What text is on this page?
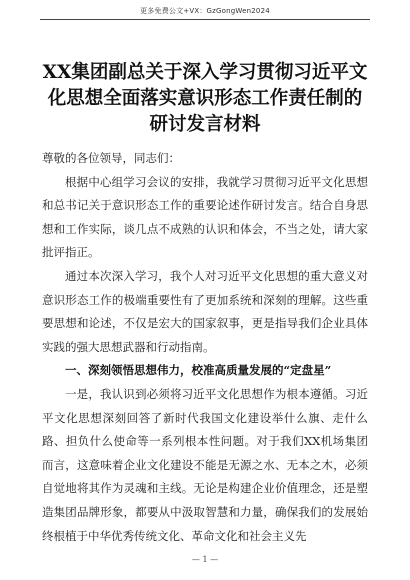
更多免费公文+VX：GzGongWen2024
XX集团副总关于深入学习贯彻习近平文化思想全面落实意识形态工作责任制的研讨发言材料

尊敬的各位领导，同志们：

根据中心组学习会议的安排，我就学习贯彻习近平文化思想和总书记关于意识形态工作的重要论述作研讨发言。结合自身思想和工作实际，谈几点不成熟的认识和体会，不当之处，请大家批评指正。

通过本次深入学习，我个人对习近平文化思想的重大意义对意识形态工作的极端重要性有了更加系统和深刻的理解。这些重要思想和论述，不仅是宏大的国家叙事，更是指导我们企业具体实践的强大思想武器和行动指南。

一、深刻领悟思想伟力，校准高质量发展的“定盘星”

一是，我认识到必须将习近平文化思想作为根本遵循。习近平文化思想深刻回答了新时代我国文化建设举什么旗、走什么路、担负什么使命等一系列根本性问题。对于我们XX机场集团而言，这意味着企业文化建设不能是无源之水、无本之木，必须自觉地将其作为灵魂和主线。无论是构建企业价值理念，还是塑造集团品牌形象，都要从中汲取智慧和力量，确保我们的发展始终根植于中华优秀传统文化、革命文化和社会主义先

— 1 —
